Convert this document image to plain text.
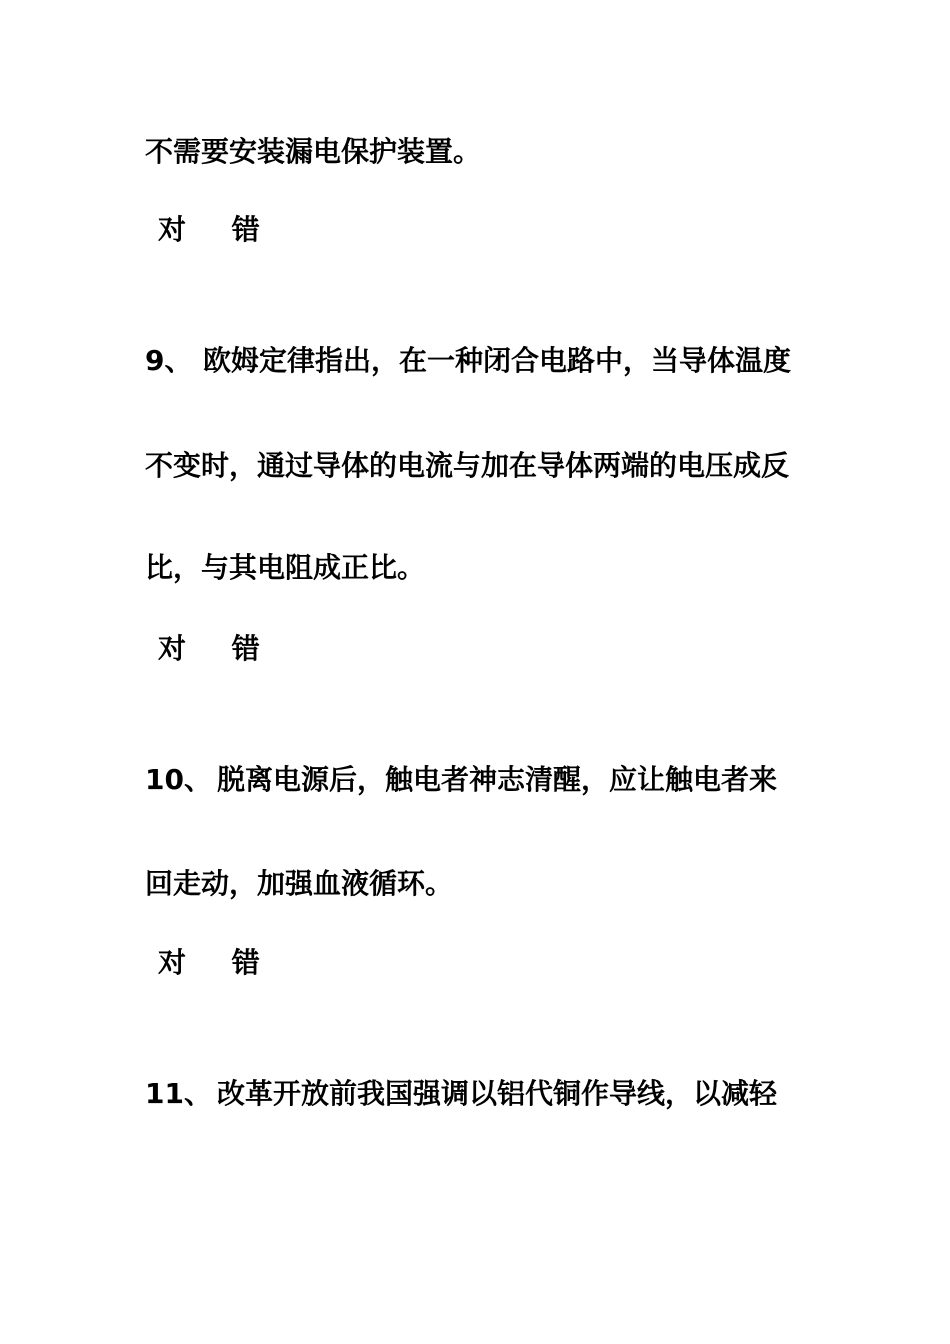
不需要安装漏电保护装置。
对 错
9、 欧姆定律指出，在一种闭合电路中，当导体温度
不变时，通过导体的电流与加在导体两端的电压成反
比，与其电阻成正比。
对 错
10、 脱离电源后，触电者神志清醒，应让触电者来
回走动，加强血液循环。
对 错
11、 改革开放前我国强调以铝代铜作导线，以减轻
